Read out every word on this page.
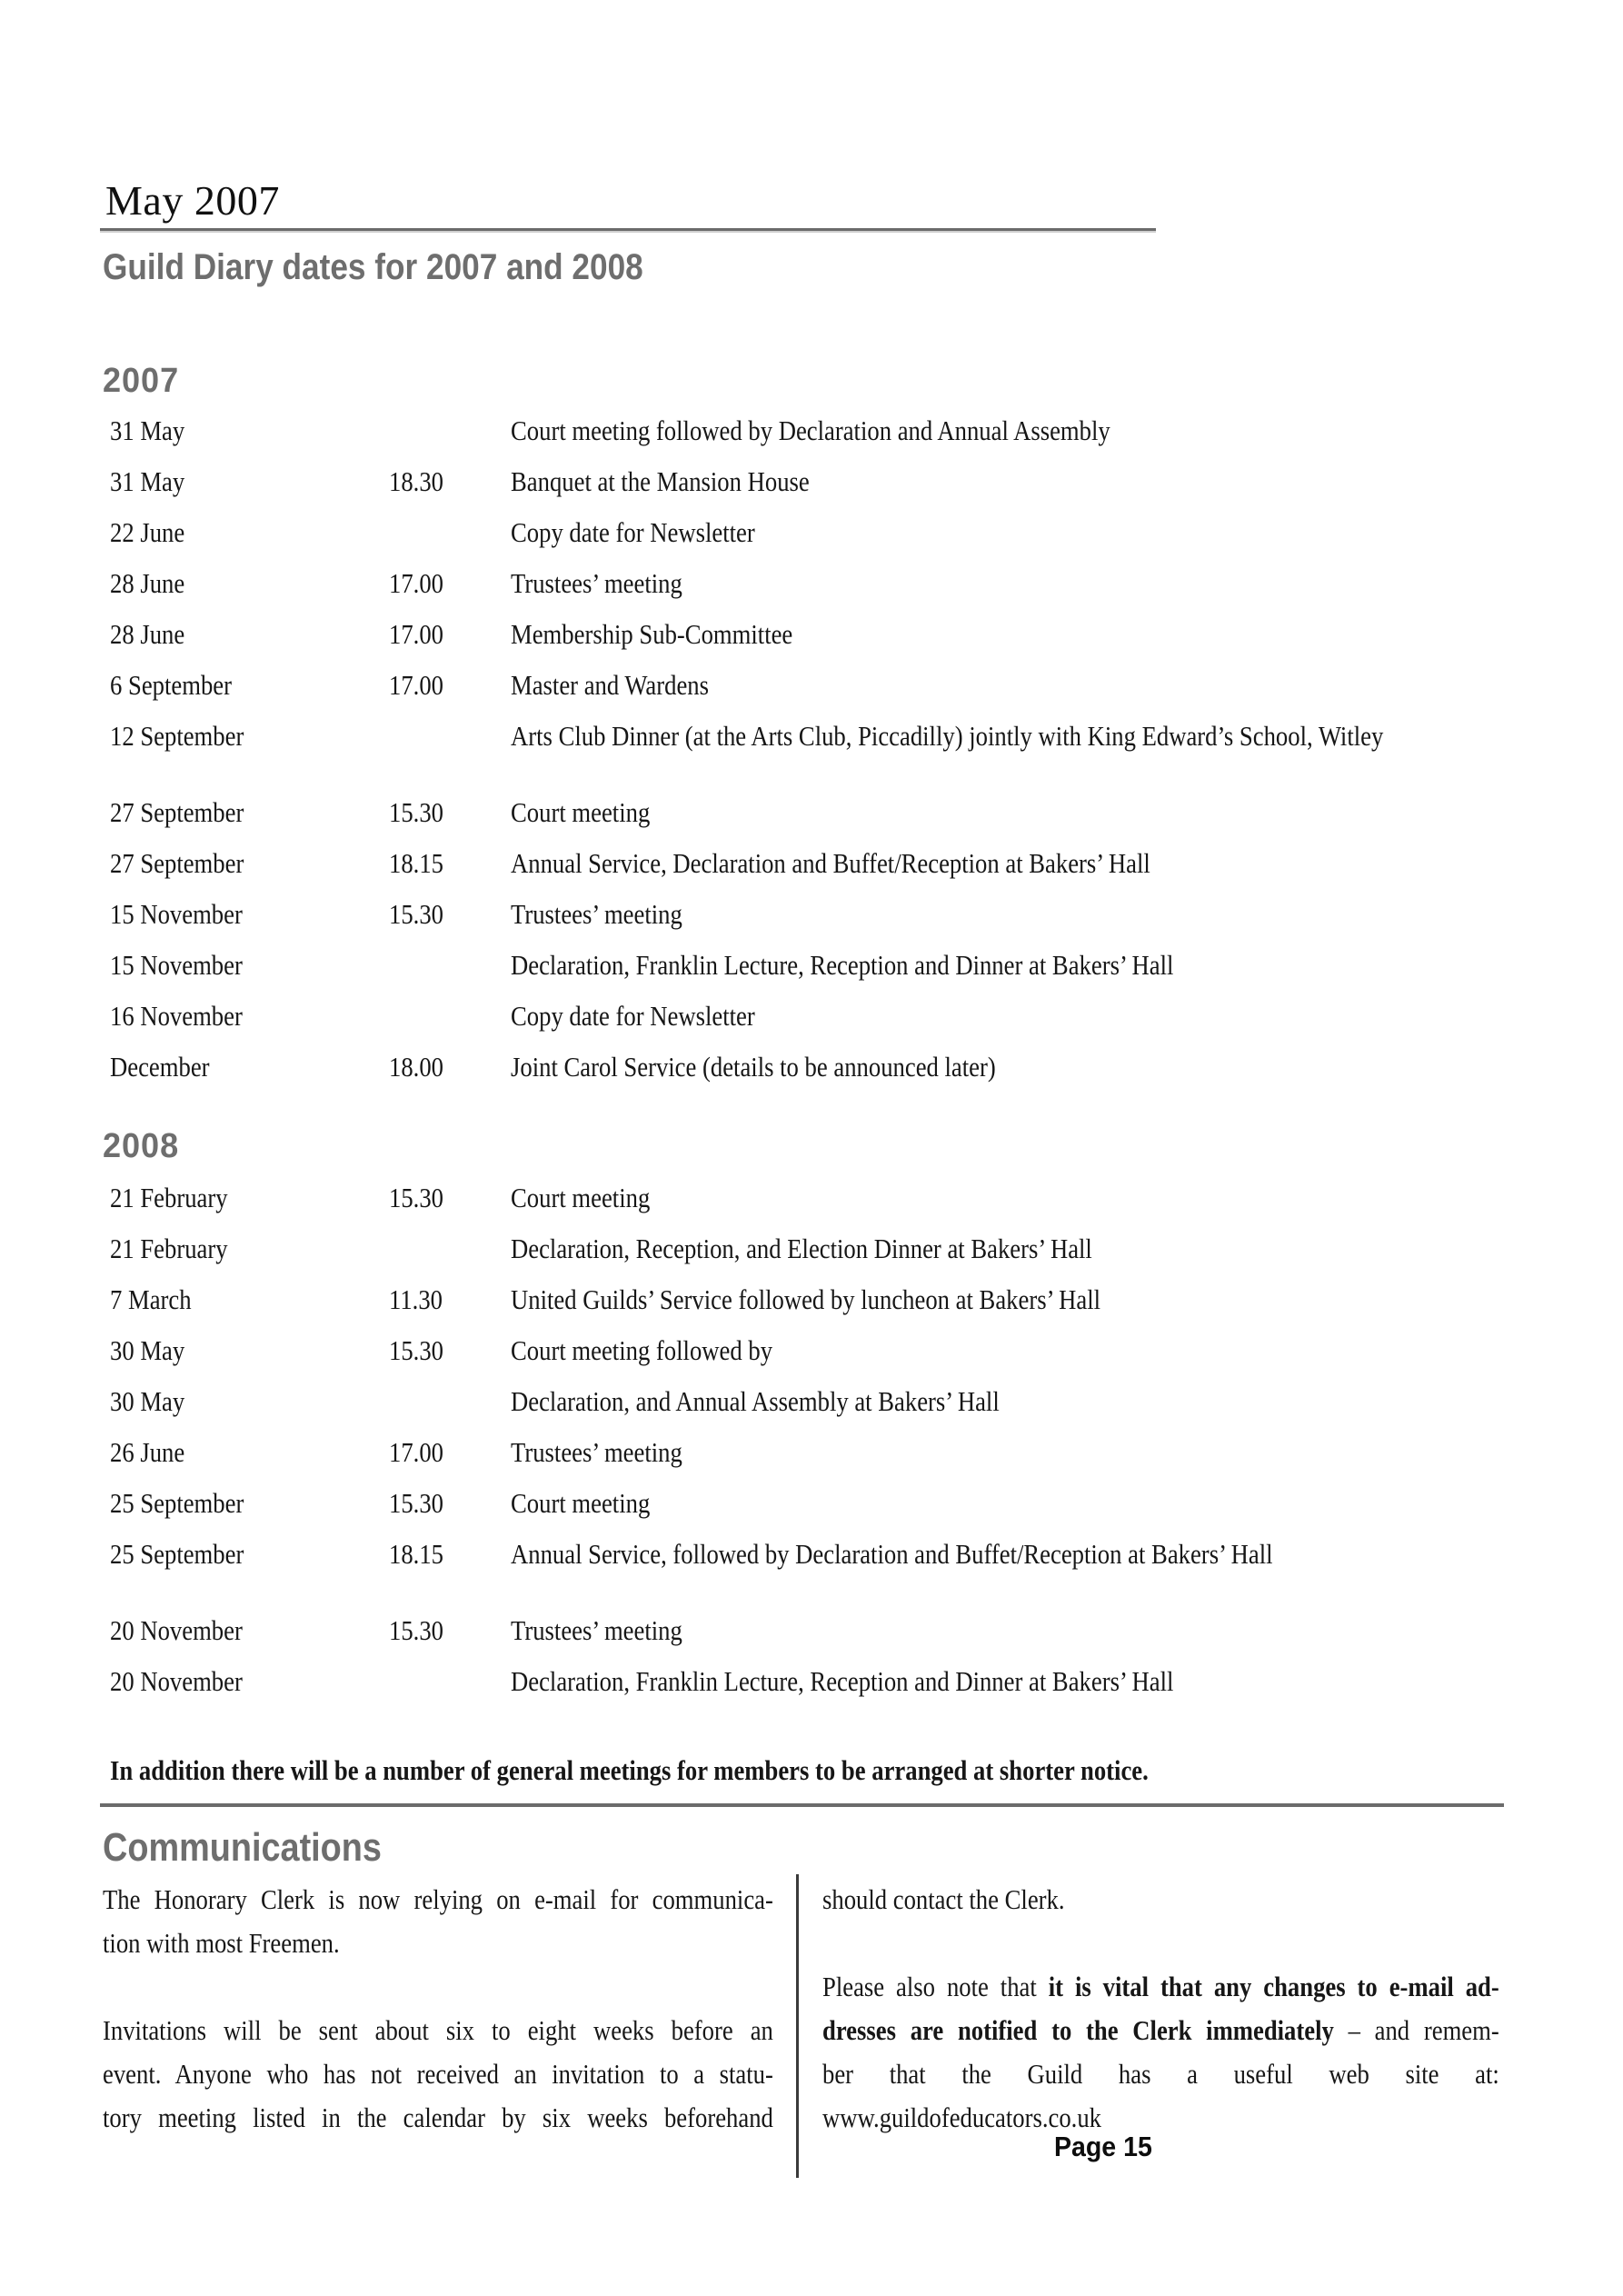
May 2007
Guild Diary dates for 2007 and 2008
2007
31 May	Court meeting followed by Declaration and Annual Assembly
31 May	18.30 Banquet at the Mansion House
22 June	Copy date for Newsletter
28 June	17.00 Trustees’ meeting
28 June	17.00 Membership Sub-Committee
6 September	17.00 Master and Wardens
12 September	Arts Club Dinner (at the Arts Club, Piccadilly) jointly with King Edward’s School, Witley
27 September	15.30 Court meeting
27 September	18.15 Annual Service, Declaration and Buffet/Reception at Bakers’ Hall
15 November	15.30 Trustees’ meeting
15 November	Declaration, Franklin Lecture, Reception and Dinner at Bakers’ Hall
16 November	Copy date for Newsletter
December	18.00 Joint Carol Service (details to be announced later)
2008
21 February	15.30 Court meeting
21 February	Declaration, Reception, and Election Dinner at Bakers’ Hall
7 March	11.30 United Guilds’ Service followed by luncheon at Bakers’ Hall
30 May	15.30 Court meeting followed by
30 May	Declaration, and Annual Assembly at Bakers’ Hall
26 June	17.00 Trustees’ meeting
25 September	15.30 Court meeting
25 September	18.15 Annual Service, followed by Declaration and Buffet/Reception at Bakers’ Hall
20 November	15.30 Trustees’ meeting
20 November	Declaration, Franklin Lecture, Reception and Dinner at Bakers’ Hall
In addition there will be a number of general meetings for members to be arranged at shorter notice.
Communications
The Honorary Clerk is now relying on e-mail for communica-
tion with most Freemen.

Invitations will be sent about six to eight weeks before an
event. Anyone who has not received an invitation to a statu-
tory meeting listed in the calendar by six weeks beforehand
should contact the Clerk.

Please also note that it is vital that any changes to e-mail ad-
dresses are notified to the Clerk immediately – and remem-
ber that the Guild has a useful web site at:
www.guildofeducators.co.uk
Page 15
